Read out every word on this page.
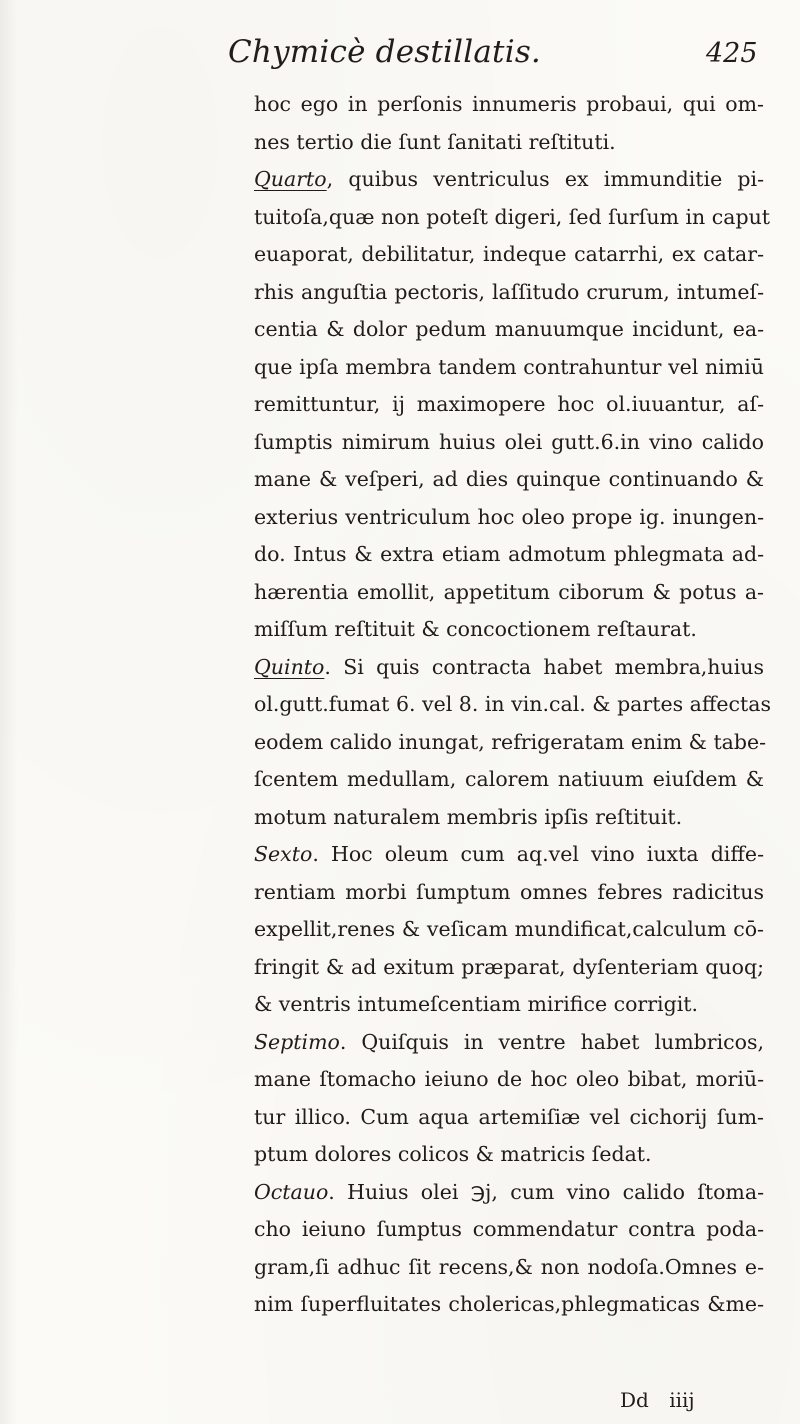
Chymicè destillatis.	425
hoc ego in perſonis innumeris probaui, qui om-
nes tertio die ſunt ſanitati reſtituti.
Quarto, quibus ventriculus ex immunditie pi-
tuitoſa,quæ non poteſt digeri, ſed ſurſum in caput
euaporat, debilitatur, indeque catarrhi, ex catar-
rhis anguſtia pectoris, laſſitudo crurum, intumeſ-
centia & dolor pedum manuumque incidunt, ea-
que ipſa membra tandem contrahuntur vel nimiū
remittuntur, ij maximopere hoc ol.iuuantur, aſ-
ſumptis nimirum huius olei gutt.6.in vino calido
mane & veſperi, ad dies quinque continuando &
exterius ventriculum hoc oleo prope ig. inungen-
do. Intus & extra etiam admotum phlegmata ad-
hærentia emollit, appetitum ciborum & potus a-
miſſum reſtituit & concoctionem reſtaurat.
Quinto. Si quis contracta habet membra,huius
ol.gutt.fumat 6. vel 8. in vin.cal. & partes affectas
eodem calido inungat, refrigeratam enim & tabe-
ſcentem medullam, calorem natiuum eiuſdem &
motum naturalem membris ipſis reſtituit.
Sexto. Hoc oleum cum aq.vel vino iuxta diffe-
rentiam morbi ſumptum omnes febres radicitus
expellit,renes & veſicam mundificat,calculum cō-
fringit & ad exitum præparat, dyſenteriam quoq;
& ventris intumeſcentiam mirifice corrigit.
Septimo. Quiſquis in ventre habet lumbricos,
mane ſtomacho ieiuno de hoc oleo bibat, moriū-
tur illico. Cum aqua artemiſiæ vel cichorij ſum-
ptum dolores colicos & matricis ſedat.
Octauo. Huius olei ℈j, cum vino calido ſtoma-
cho ieiuno ſumptus commendatur contra poda-
gram,ſi adhuc ſit recens,& non nodoſa.Omnes e-
nim ſuperfluitates cholericas,phlegmaticas &me-
Dd iiij
